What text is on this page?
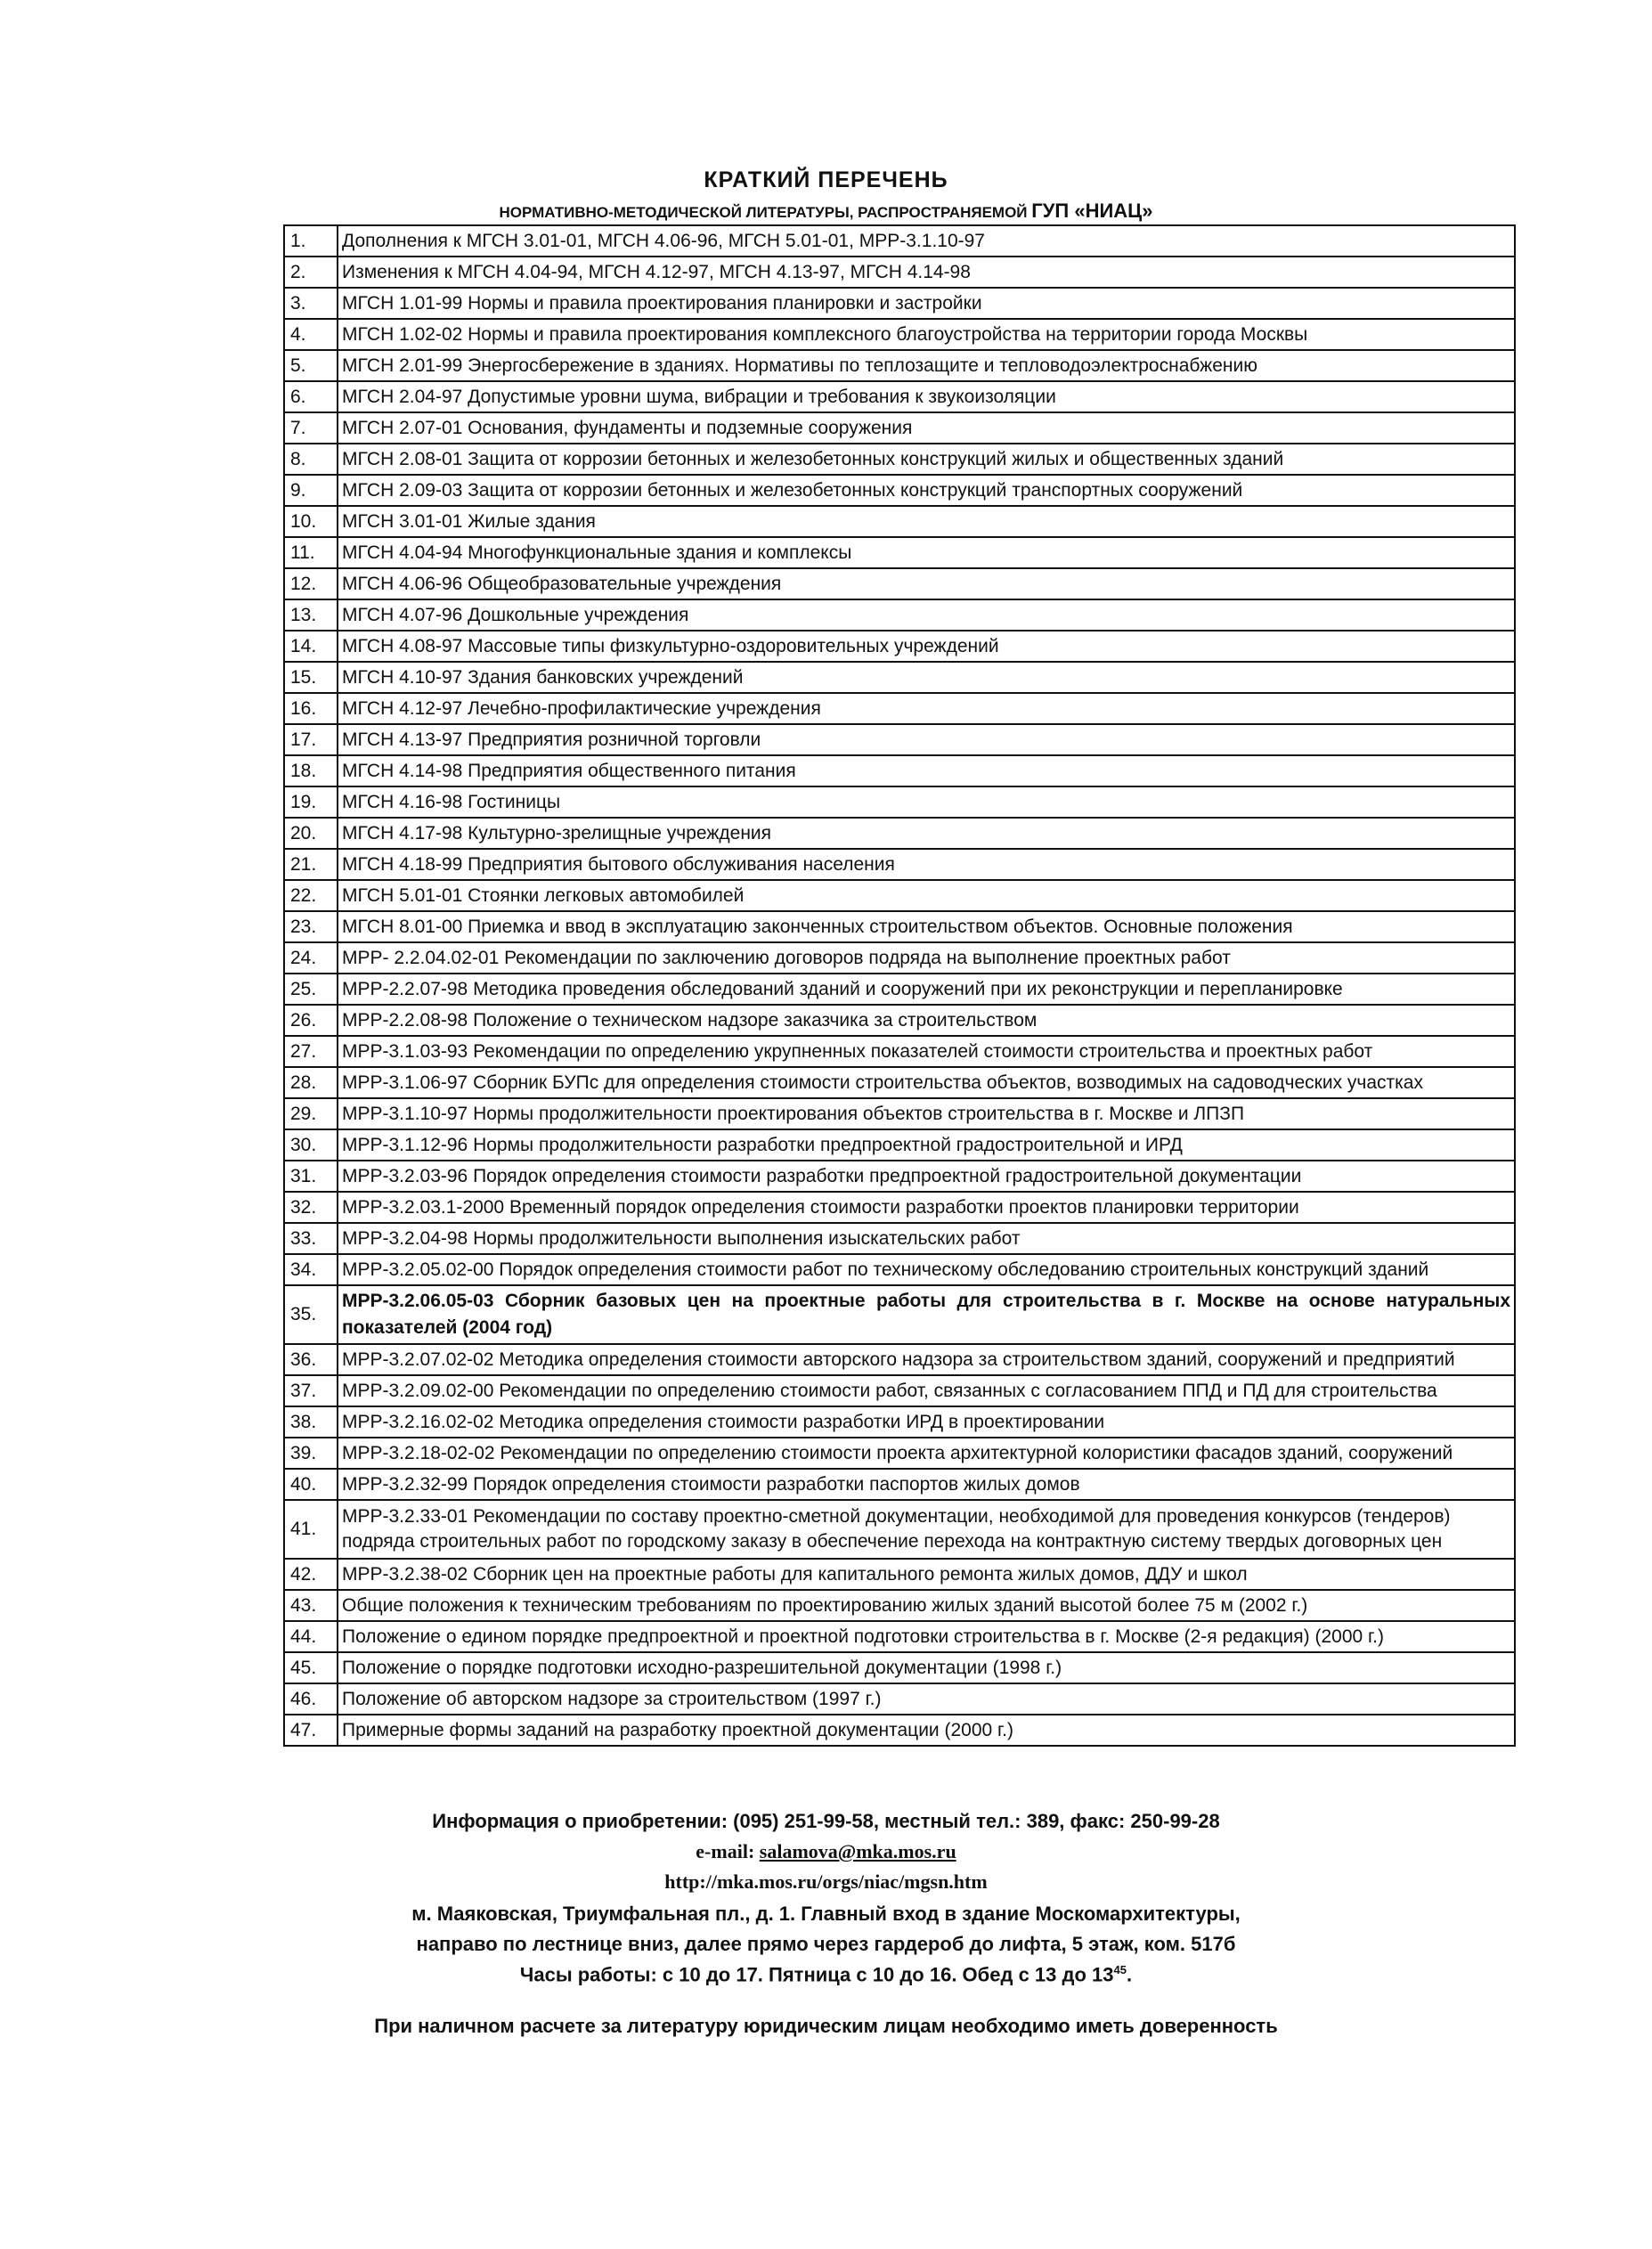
КРАТКИЙ ПЕРЕЧЕНЬ
НОРМАТИВНО-МЕТОДИЧЕСКОЙ ЛИТЕРАТУРЫ, РАСПРОСТРАНЯЕМОЙ ГУП «НИАЦ»
1.	Дополнения к МГСН 3.01-01, МГСН 4.06-96, МГСН 5.01-01, МРР-3.1.10-97
2.	Изменения к МГСН 4.04-94, МГСН 4.12-97, МГСН 4.13-97, МГСН 4.14-98
3.	МГСН 1.01-99 Нормы и правила проектирования планировки и застройки
4.	МГСН 1.02-02 Нормы и правила проектирования комплексного благоустройства на территории города Москвы
5.	МГСН 2.01-99 Энергосбережение в зданиях. Нормативы по теплозащите и тепловодоэлектроснабжению
6.	МГСН 2.04-97 Допустимые уровни шума, вибрации и требования к звукоизоляции
7.	МГСН 2.07-01 Основания, фундаменты и подземные сооружения
8.	МГСН 2.08-01 Защита от коррозии бетонных и железобетонных конструкций жилых и общественных зданий
9.	МГСН 2.09-03 Защита от коррозии бетонных и железобетонных конструкций транспортных сооружений
10.	МГСН 3.01-01 Жилые здания
11.	МГСН 4.04-94 Многофункциональные здания и комплексы
12.	МГСН 4.06-96 Общеобразовательные учреждения
13.	МГСН 4.07-96 Дошкольные учреждения
14.	МГСН 4.08-97 Массовые типы физкультурно-оздоровительных учреждений
15.	МГСН 4.10-97 Здания банковских учреждений
16.	МГСН 4.12-97 Лечебно-профилактические учреждения
17.	МГСН 4.13-97 Предприятия розничной торговли
18.	МГСН 4.14-98 Предприятия общественного питания
19.	МГСН 4.16-98 Гостиницы
20.	МГСН 4.17-98 Культурно-зрелищные учреждения
21.	МГСН 4.18-99 Предприятия бытового обслуживания населения
22.	МГСН 5.01-01 Стоянки легковых автомобилей
23.	МГСН 8.01-00 Приемка и ввод в эксплуатацию законченных строительством объектов. Основные положения
24.	МРР- 2.2.04.02-01 Рекомендации по заключению договоров подряда на выполнение проектных работ
25.	МРР-2.2.07-98 Методика проведения обследований зданий и сооружений при их реконструкции и перепланировке
26.	МРР-2.2.08-98 Положение о техническом надзоре заказчика за строительством
27.	МРР-3.1.03-93 Рекомендации по определению укрупненных показателей стоимости строительства и проектных работ
28.	МРР-3.1.06-97 Сборник БУПс для определения стоимости строительства объектов, возводимых на садоводческих участках
29.	МРР-3.1.10-97 Нормы продолжительности проектирования объектов строительства в г. Москве и ЛПЗП
30.	МРР-3.1.12-96 Нормы продолжительности разработки предпроектной градостроительной и ИРД
31.	МРР-3.2.03-96 Порядок определения стоимости разработки предпроектной градостроительной документации
32.	МРР-3.2.03.1-2000 Временный порядок определения стоимости разработки проектов планировки территории
33.	МРР-3.2.04-98 Нормы продолжительности выполнения изыскательских работ
34.	МРР-3.2.05.02-00 Порядок определения стоимости работ по техническому обследованию строительных конструкций зданий
35.	МРР-3.2.06.05-03 Сборник базовых цен на проектные работы для строительства в г. Москве на основе натуральных показателей (2004 год)
36.	МРР-3.2.07.02-02 Методика определения стоимости авторского надзора за строительством зданий, сооружений и предприятий
37.	МРР-3.2.09.02-00 Рекомендации по определению стоимости работ, связанных с согласованием ППД и ПД для строительства
38.	МРР-3.2.16.02-02 Методика определения стоимости разработки ИРД в проектировании
39.	МРР-3.2.18-02-02 Рекомендации по определению стоимости проекта архитектурной колористики фасадов зданий, сооружений
40.	МРР-3.2.32-99 Порядок определения стоимости разработки паспортов жилых домов
41.	МРР-3.2.33-01 Рекомендации по составу проектно-сметной документации, необходимой для проведения конкурсов (тендеров) подряда строительных работ по городскому заказу в обеспечение перехода на контрактную систему твердых договорных цен
42.	МРР-3.2.38-02 Сборник цен на проектные работы для капитального ремонта жилых домов, ДДУ и школ
43.	Общие положения к техническим требованиям по проектированию жилых зданий высотой более 75 м (2002 г.)
44.	Положение о едином порядке предпроектной и проектной подготовки строительства в г. Москве (2-я редакция) (2000 г.)
45.	Положение о порядке подготовки исходно-разрешительной документации (1998 г.)
46.	Положение об авторском надзоре за строительством (1997 г.)
47.	Примерные формы заданий на разработку проектной документации (2000 г.)
Информация о приобретении: (095) 251-99-58, местный тел.: 389, факс: 250-99-28
e-mail: salamova@mka.mos.ru
http://mka.mos.ru/orgs/niac/mgsn.htm
м. Маяковская, Триумфальная пл., д. 1. Главный вход в здание Москомархитектуры,
направо по лестнице вниз, далее прямо через гардероб до лифта, 5 этаж, ком. 517б
Часы работы: с 10 до 17. Пятница с 10 до 16. Обед с 13 до $13^{45}$.
При наличном расчете за литературу юридическим лицам необходимо иметь доверенность
